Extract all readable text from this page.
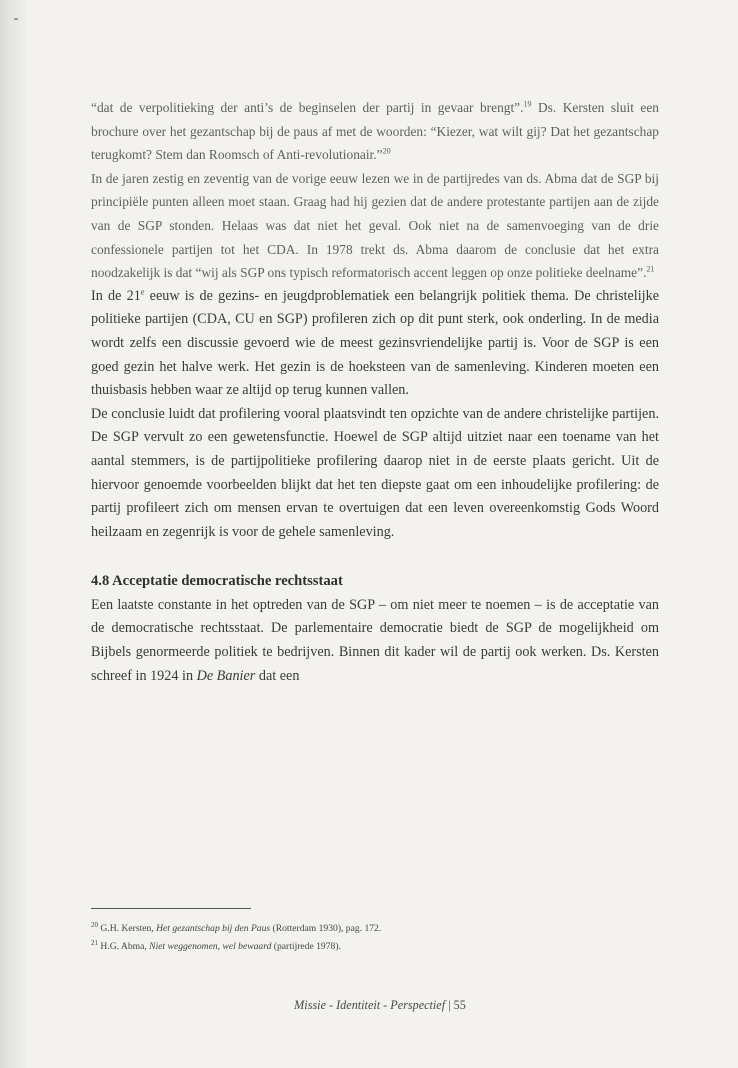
“dat de verpolitieking der anti’s de beginselen der partij in gevaar brengt”.$^{19}$ Ds. Kersten sluit een brochure over het gezantschap bij de paus af met de woorden: “Kiezer, wat wilt gij? Dat het gezantschap terugkomt? Stem dan Roomsch of Anti-revolutionair.”$^{20}$

In de jaren zestig en zeventig van de vorige eeuw lezen we in de partijredes van ds. Abma dat de SGP bij principiële punten alleen moet staan. Graag had hij gezien dat de andere protestante partijen aan de zijde van de SGP stonden. Helaas was dat niet het geval. Ook niet na de samenvoeging van de drie confessionele partijen tot het CDA. In 1978 trekt ds. Abma daarom de conclusie dat het extra noodzakelijk is dat “wij als SGP ons typisch reformatorisch accent leggen op onze politieke deelname”.$^{21}$

In de 21e eeuw is de gezins- en jeugdproblematiek een belangrijk politiek thema. De christelijke politieke partijen (CDA, CU en SGP) profileren zich op dit punt sterk, ook onderling. In de media wordt zelfs een discussie gevoerd wie de meest gezinsvriendelijke partij is. Voor de SGP is een goed gezin het halve werk. Het gezin is de hoeksteen van de samenleving. Kinderen moeten een thuisbasis hebben waar ze altijd op terug kunnen vallen.

De conclusie luidt dat profilering vooral plaatsvindt ten opzichte van de andere christelijke partijen. De SGP vervult zo een gewetensfunctie. Hoewel de SGP altijd uitziet naar een toename van het aantal stemmers, is de partijpolitieke profilering daarop niet in de eerste plaats gericht. Uit de hiervoor genoemde voorbeelden blijkt dat het ten diepste gaat om een inhoudelijke profilering: de partij profileert zich om mensen ervan te overtuigen dat een leven overeenkomstig Gods Woord heilzaam en zegenrijk is voor de gehele samenleving.

4.8 Acceptatie democratische rechtsstaat

Een laatste constante in het optreden van de SGP – om niet meer te noemen – is de acceptatie van de democratische rechtsstaat. De parlementaire democratie biedt de SGP de mogelijkheid om Bijbels genormeerde politiek te bedrijven. Binnen dit kader wil de partij ook werken. Ds. Kersten schreef in 1924 in De Banier dat een

$^{20}$ G.H. Kersten, Het gezantschap bij den Paus (Rotterdam 1930), pag. 172.
$^{21}$ H.G. Abma, Niet weggenomen, wel bewaard (partijrede 1978).
Missie - Identiteit - Perspectief | 55
